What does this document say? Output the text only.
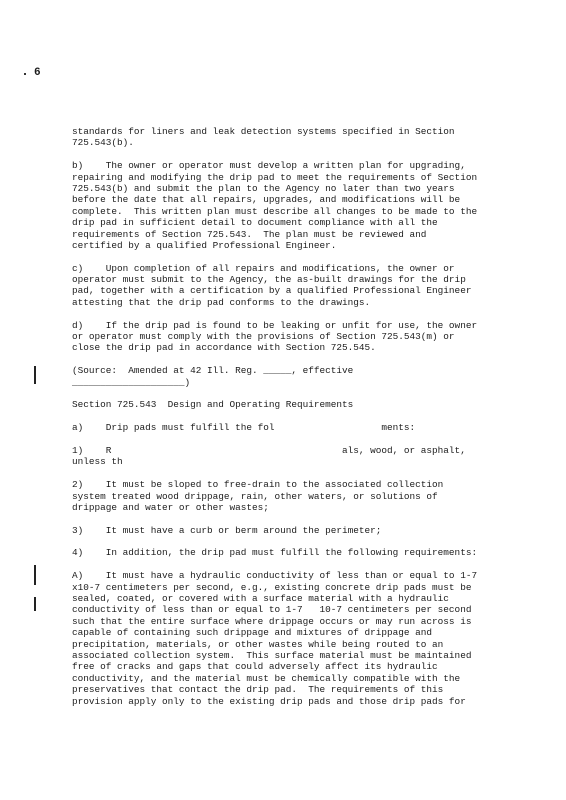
6
standards for liners and leak detection systems specified in Section
725.543(b).
b)    The owner or operator must develop a written plan for upgrading,
repairing and modifying the drip pad to meet the requirements of Section
725.543(b) and submit the plan to the Agency no later than two years
before the date that all repairs, upgrades, and modifications will be
complete.  This written plan must describe all changes to be made to the
drip pad in sufficient detail to document compliance with all the
requirements of Section 725.543.  The plan must be reviewed and
certified by a qualified Professional Engineer.
c)    Upon completion of all repairs and modifications, the owner or
operator must submit to the Agency, the as-built drawings for the drip
pad, together with a certification by a qualified Professional Engineer
attesting that the drip pad conforms to the drawings.
d)    If the drip pad is found to be leaking or unfit for use, the owner
or operator must comply with the provisions of Section 725.543(m) or
close the drip pad in accordance with Section 725.545.
(Source:  Amended at 42 Ill. Reg. _____, effective
____________________)
Section 725.543  Design and Operating Requirements
a)    Drip pads must fulfill the fol                   ments:
1)    R                                         als, wood, or asphalt,
unless th
2)    It must be sloped to free-drain to the associated collection
system treated wood drippage, rain, other waters, or solutions of
drippage and water or other wastes;
3)    It must have a curb or berm around the perimeter;
4)    In addition, the drip pad must fulfill the following requirements:
A)    It must have a hydraulic conductivity of less than or equal to 1-7
x10-7 centimeters per second, e.g., existing concrete drip pads must be
sealed, coated, or covered with a surface material with a hydraulic
conductivity of less than or equal to 1-7   10-7 centimeters per second
such that the entire surface where drippage occurs or may run across is
capable of containing such drippage and mixtures of drippage and
precipitation, materials, or other wastes while being routed to an
associated collection system.  This surface material must be maintained
free of cracks and gaps that could adversely affect its hydraulic
conductivity, and the material must be chemically compatible with the
preservatives that contact the drip pad.  The requirements of this
provision apply only to the existing drip pads and those drip pads for
